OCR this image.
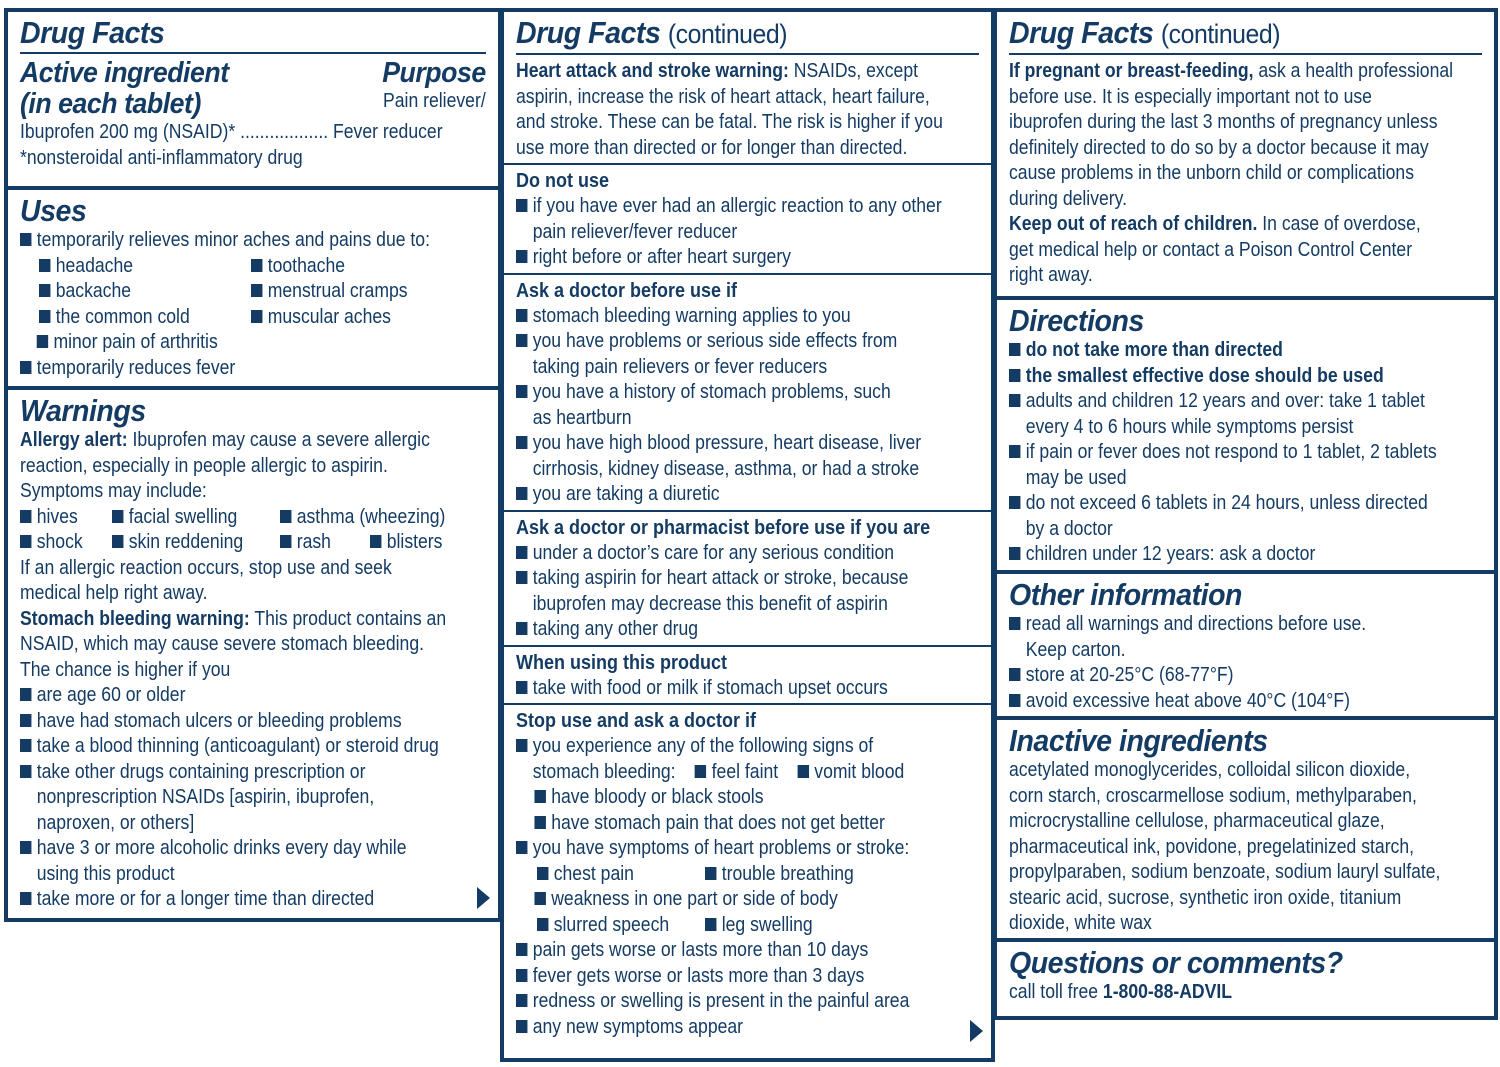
Drug Facts
Active ingredient
(in each tablet)
Purpose
Pain reliever/
Ibuprofen 200 mg (NSAID)* .................. Fever reducer
*nonsteroidal anti-inflammatory drug
Uses
temporarily relieves minor aches and pains due to:
headache	toothache
backache	menstrual cramps
the common cold	muscular aches
minor pain of arthritis
temporarily reduces fever
Warnings
Allergy alert: Ibuprofen may cause a severe allergic
reaction, especially in people allergic to aspirin.
Symptoms may include:
hives	facial swelling	asthma (wheezing)
shock	skin reddening	rash	blisters
If an allergic reaction occurs, stop use and seek
medical help right away.
Stomach bleeding warning: This product contains an
NSAID, which may cause severe stomach bleeding.
The chance is higher if you
are age 60 or older
have had stomach ulcers or bleeding problems
take a blood thinning (anticoagulant) or steroid drug
take other drugs containing prescription or
nonprescription NSAIDs [aspirin, ibuprofen,
naproxen, or others]
have 3 or more alcoholic drinks every day while
using this product
take more or for a longer time than directed
Drug Facts (continued)
Heart attack and stroke warning: NSAIDs, except
aspirin, increase the risk of heart attack, heart failure,
and stroke. These can be fatal. The risk is higher if you
use more than directed or for longer than directed.
Do not use
if you have ever had an allergic reaction to any other
pain reliever/fever reducer
right before or after heart surgery
Ask a doctor before use if
stomach bleeding warning applies to you
you have problems or serious side effects from
taking pain relievers or fever reducers
you have a history of stomach problems, such
as heartburn
you have high blood pressure, heart disease, liver
cirrhosis, kidney disease, asthma, or had a stroke
you are taking a diuretic
Ask a doctor or pharmacist before use if you are
under a doctor’s care for any serious condition
taking aspirin for heart attack or stroke, because
ibuprofen may decrease this benefit of aspirin
taking any other drug
When using this product
take with food or milk if stomach upset occurs
Stop use and ask a doctor if
you experience any of the following signs of
stomach bleeding: feel faint vomit blood
have bloody or black stools
have stomach pain that does not get better
you have symptoms of heart problems or stroke:
chest pain	trouble breathing
weakness in one part or side of body
slurred speech	leg swelling
pain gets worse or lasts more than 10 days
fever gets worse or lasts more than 3 days
redness or swelling is present in the painful area
any new symptoms appear
Drug Facts (continued)
If pregnant or breast-feeding, ask a health professional
before use. It is especially important not to use
ibuprofen during the last 3 months of pregnancy unless
definitely directed to do so by a doctor because it may
cause problems in the unborn child or complications
during delivery.
Keep out of reach of children. In case of overdose,
get medical help or contact a Poison Control Center
right away.
Directions
do not take more than directed
the smallest effective dose should be used
adults and children 12 years and over: take 1 tablet
every 4 to 6 hours while symptoms persist
if pain or fever does not respond to 1 tablet, 2 tablets
may be used
do not exceed 6 tablets in 24 hours, unless directed
by a doctor
children under 12 years: ask a doctor
Other information
read all warnings and directions before use.
Keep carton.
store at 20-25°C (68-77°F)
avoid excessive heat above 40°C (104°F)
Inactive ingredients
acetylated monoglycerides, colloidal silicon dioxide,
corn starch, croscarmellose sodium, methylparaben,
microcrystalline cellulose, pharmaceutical glaze,
pharmaceutical ink, povidone, pregelatinized starch,
propylparaben, sodium benzoate, sodium lauryl sulfate,
stearic acid, sucrose, synthetic iron oxide, titanium
dioxide, white wax
Questions or comments?
call toll free 1-800-88-ADVIL
